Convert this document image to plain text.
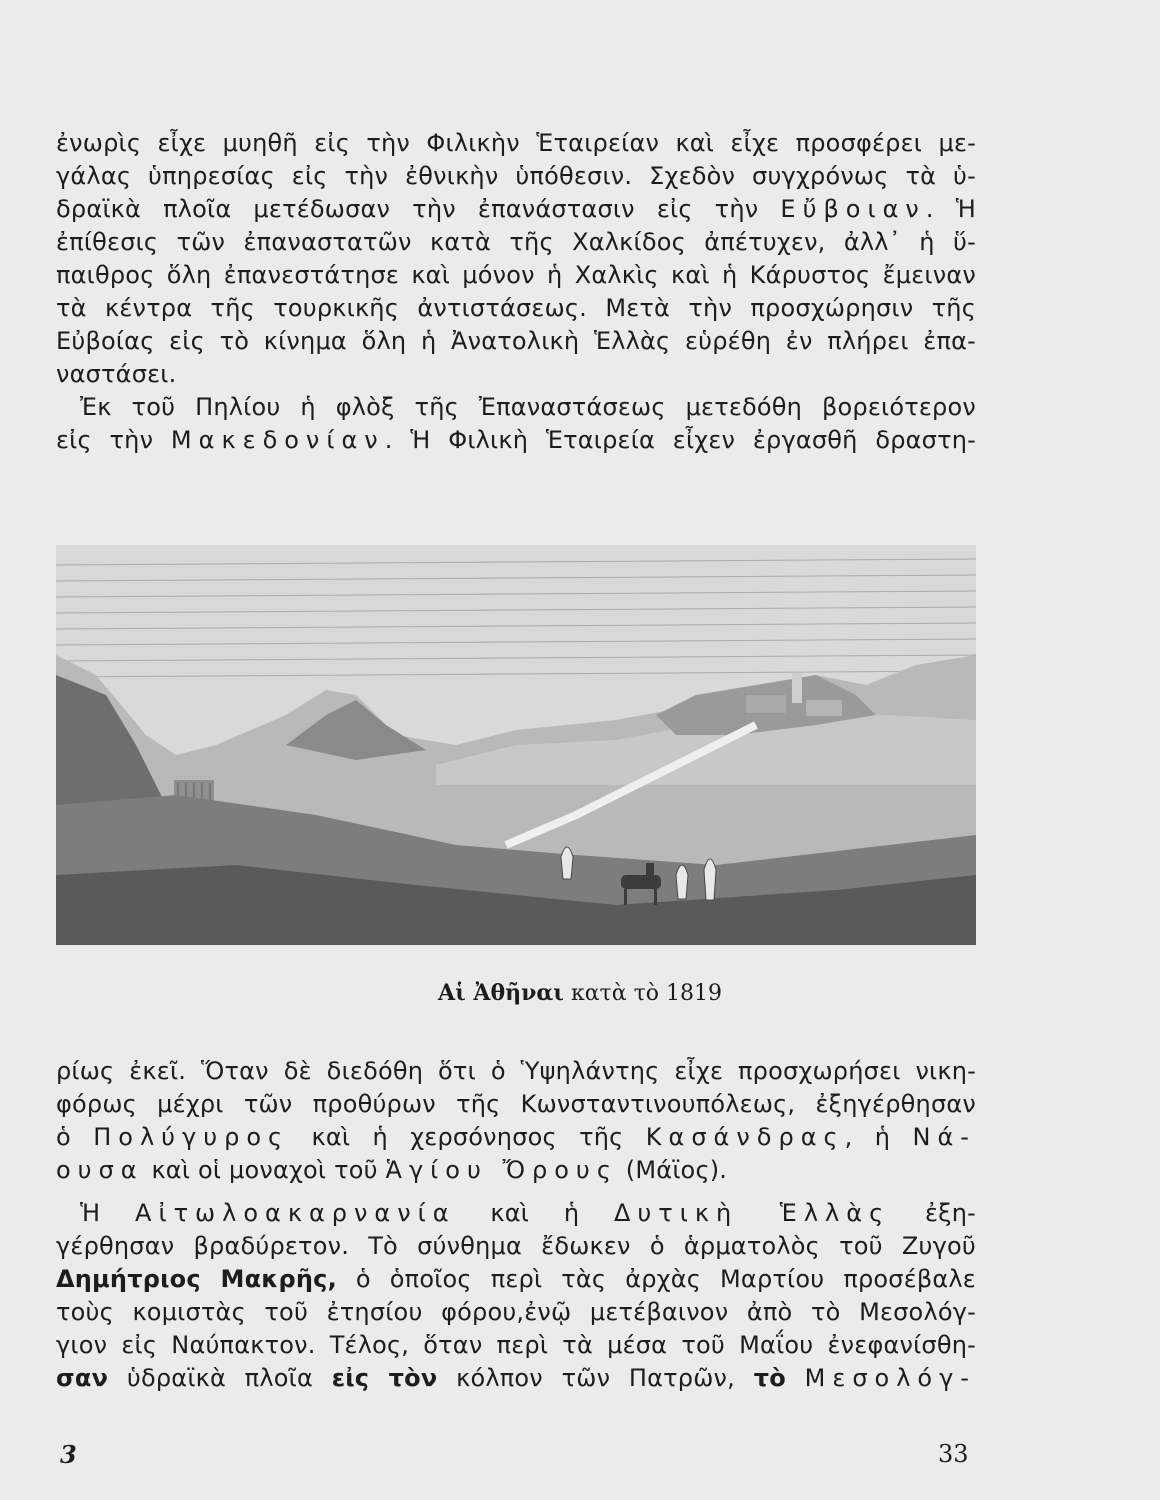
ἐνωρὶς εἶχε μυηθῆ εἰς τὴν Φιλικὴν Ἑταιρείαν καὶ εἶχε προσφέρει με-
γάλας ὑπηρεσίας εἰς τὴν ἐθνικὴν ὑπόθεσιν. Σχεδὸν συγχρόνως τὰ ὑ-
δραϊκὰ πλοῖα μετέδωσαν τὴν ἐπανάστασιν εἰς τὴν Εὔβοιαν. Ἡ
ἐπίθεσις τῶν ἐπαναστατῶν κατὰ τῆς Χαλκίδος ἀπέτυχεν, ἀλλ᾿ ἡ ὕ-
παιθρος ὅλη ἐπανεστάτησε καὶ μόνον ἡ Χαλκὶς καὶ ἡ Κάρυστος ἔμειναν
τὰ κέντρα τῆς τουρκικῆς ἀντιστάσεως. Μετὰ τὴν προσχώρησιν τῆς
Εὐβοίας εἰς τὸ κίνημα ὅλη ἡ Ἀνατολικὴ Ἑλλὰς εὑρέθη ἐν πλήρει ἐπα-
ναστάσει.
Ἐκ τοῦ Πηλίου ἡ φλὸξ τῆς Ἐπαναστάσεως μετεδόθη βορειότερον
εἰς τὴν Μακεδονίαν. Ἡ Φιλικὴ Ἑταιρεία εἶχεν ἐργασθῆ δραστη-
Αἱ Ἀθῆναι κατὰ τὸ 1819
ρίως ἐκεῖ. Ὅταν δὲ διεδόθη ὅτι ὁ Ὑψηλάντης εἶχε προσχωρήσει νικη-
φόρως μέχρι τῶν προθύρων τῆς Κωνσταντινουπόλεως, ἐξηγέρθησαν
ὁ Πολύγυρος καὶ ἡ χερσόνησος τῆς Κασάνδρας, ἡ Νά-
ουσα καὶ οἱ μοναχοὶ τοῦ Ἁγίου Ὄρους (Μάϊος).
Ἡ Αἰτωλοακαρνανία καὶ ἡ Δυτικὴ Ἑλλὰς ἐξη-
γέρθησαν βραδύρετον. Τὸ σύνθημα ἔδωκεν ὁ ἁρματολὸς τοῦ Ζυγοῦ
Δημήτριος Μακρῆς, ὁ ὁποῖος περὶ τὰς ἀρχὰς Μαρτίου προσέβαλε
τοὺς κομιστὰς τοῦ ἐτησίου φόρου,ἐνῷ μετέβαινον ἀπὸ τὸ Μεσολόγ-
γιον εἰς Ναύπακτον. Τέλος, ὅταν περὶ τὰ μέσα τοῦ Μαΐου ἐνεφανίσθη-
σαν ὑδραϊκὰ πλοῖα εἰς τὸν κόλπον τῶν Πατρῶν, τὸ Μεσολόγ-
3	33
